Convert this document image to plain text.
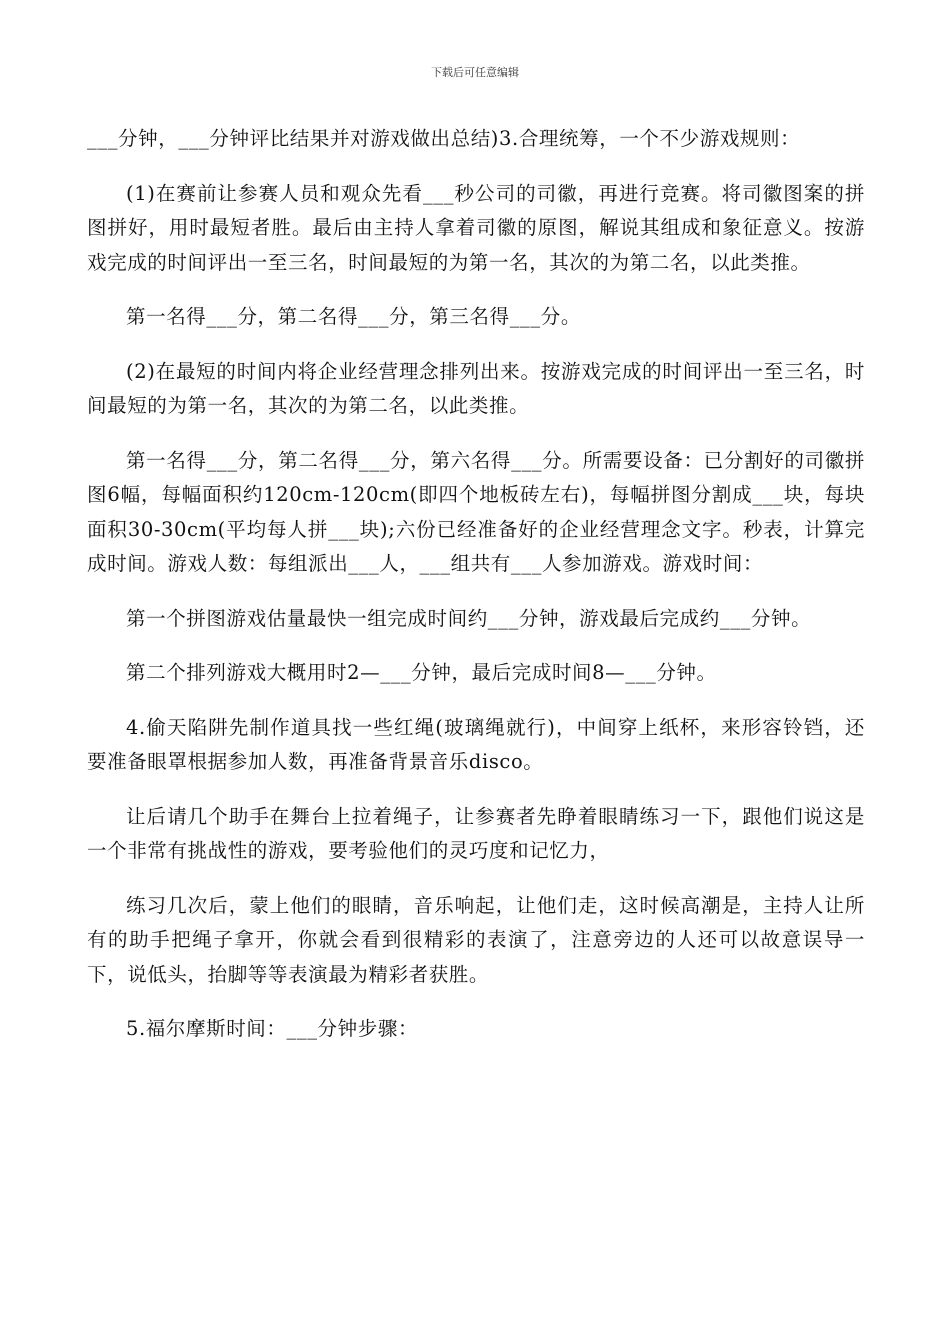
下载后可任意编辑

___分钟，___分钟评比结果并对游戏做出总结)3.合理统筹，一个不少游戏规则：

(1)在赛前让参赛人员和观众先看___秒公司的司徽，再进行竞赛。将司徽图案的拼图拼好，用时最短者胜。最后由主持人拿着司徽的原图，解说其组成和象征意义。按游戏完成的时间评出一至三名，时间最短的为第一名，其次的为第二名，以此类推。

第一名得___分，第二名得___分，第三名得___分。

(2)在最短的时间内将企业经营理念排列出来。按游戏完成的时间评出一至三名，时间最短的为第一名，其次的为第二名，以此类推。

第一名得___分，第二名得___分，第六名得___分。所需要设备：已分割好的司徽拼图6幅，每幅面积约120cm-120cm(即四个地板砖左右)，每幅拼图分割成___块，每块面积30-30cm(平均每人拼___块);六份已经准备好的企业经营理念文字。秒表，计算完成时间。游戏人数：每组派出___人，___组共有___人参加游戏。游戏时间：

第一个拼图游戏估量最快一组完成时间约___分钟，游戏最后完成约___分钟。

第二个排列游戏大概用时2—___分钟，最后完成时间8—___分钟。

4.偷天陷阱先制作道具找一些红绳(玻璃绳就行)，中间穿上纸杯，来形容铃铛，还要准备眼罩根据参加人数，再准备背景音乐disco。

让后请几个助手在舞台上拉着绳子，让参赛者先睁着眼睛练习一下，跟他们说这是一个非常有挑战性的游戏，要考验他们的灵巧度和记忆力，

练习几次后，蒙上他们的眼睛，音乐响起，让他们走，这时候高潮是，主持人让所有的助手把绳子拿开，你就会看到很精彩的表演了，注意旁边的人还可以故意误导一下，说低头，抬脚等等表演最为精彩者获胜。

5.福尔摩斯时间：___分钟步骤：
